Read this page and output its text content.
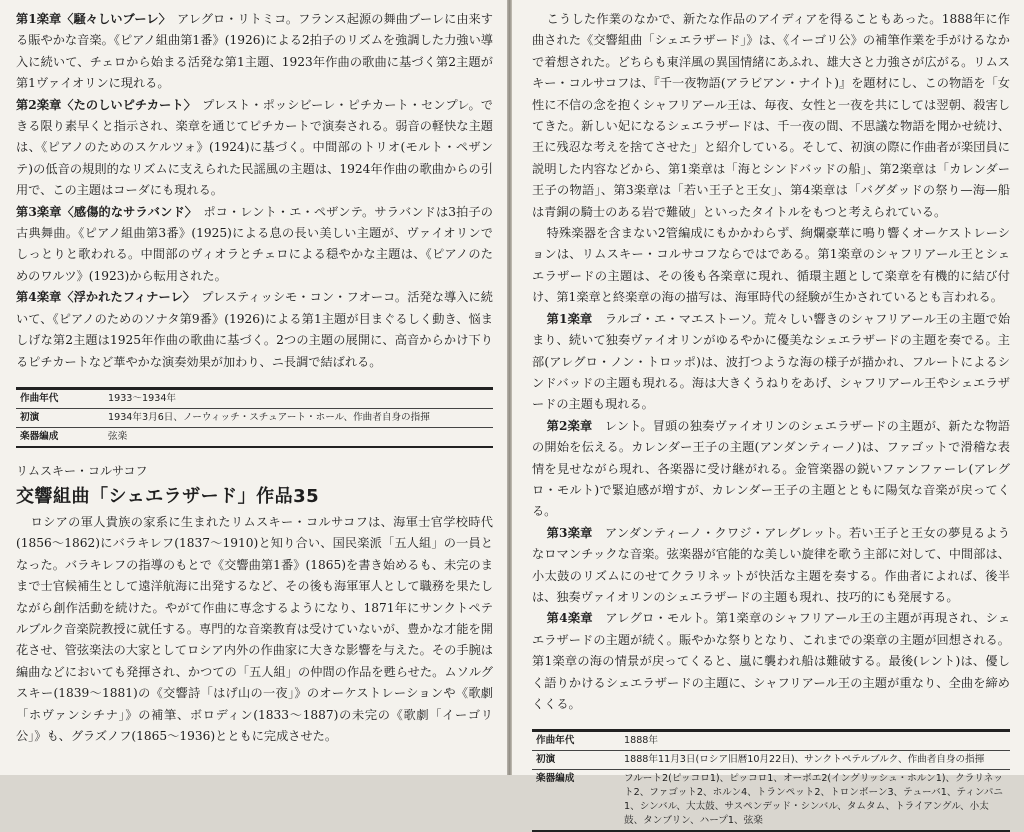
第1楽章〈騒々しいブーレ〉　 アレグロ・リトミコ。フランス起源の舞曲ブーレに由来する賑やかな音楽。《ピアノ組曲第1番》(1926)による2拍子のリズムを強調した力強い導入に続いて、チェロから始まる活発な第1主題、1923年作曲の歌曲に基づく第2主題が第1ヴァイオリンに現れる。

第2楽章〈たのしいピチカート〉　 プレスト・ポッシビーレ・ピチカート・センプレ。できる限り素早くと指示され、楽章を通じてピチカートで演奏される。弱音の軽快な主題は、《ピアノのためのスケルツォ》(1924)に基づく。中間部のトリオ(モルト・ペザンテ)の低音の規則的なリズムに支えられた民謡風の主題は、1924年作曲の歌曲からの引用で、この主題はコーダにも現れる。

第3楽章〈感傷的なサラバンド〉　 ポコ・レント・エ・ペザンテ。サラバンドは3拍子の古典舞曲。《ピアノ組曲第3番》(1925)による息の長い美しい主題が、ヴァイオリンでしっとりと歌われる。中間部のヴィオラとチェロによる穏やかな主題は、《ピアノのためのワルツ》(1923)から転用された。

第4楽章〈浮かれたフィナーレ〉　 プレスティッシモ・コン・フオーコ。活発な導入に続いて、《ピアノのためのソナタ第9番》(1926)による第1主題が目まぐるしく動き、悩ましげな第2主題は1925年作曲の歌曲に基づく。2つの主題の展開に、高音からかけ下りるピチカートなど華やかな演奏効果が加わり、ニ長調で結ばれる。

作曲年代	1933〜1934年
初演	1934年3月6日、ノーウィッチ・スチュアート・ホール、作曲者自身の指揮
楽器編成	弦楽
リムスキー・コルサコフ
交響組曲「シェエラザード」作品35

ロシアの軍人貴族の家系に生まれたリムスキー・コルサコフは、海軍士官学校時代(1856〜1862)にバラキレフ(1837〜1910)と知り合い、国民楽派「五人組」の一員となった。バラキレフの指導のもとで《交響曲第1番》(1865)を書き始めるも、未完のままで士官候補生として遠洋航海に出発するなど、その後も海軍軍人として職務を果たしながら創作活動を続けた。やがて作曲に専念するようになり、1871年にサンクトペテルブルク音楽院教授に就任する。専門的な音楽教育は受けていないが、豊かな才能を開花させ、管弦楽法の大家としてロシア内外の作曲家に大きな影響を与えた。その手腕は編曲などにおいても発揮され、かつての「五人組」の仲間の作品を甦らせた。ムソルグスキー(1839〜1881)の《交響詩「はげ山の一夜」》のオーケストレーションや《歌劇「ホヴァンシチナ」》の補筆、ボロディン(1833〜1887)の未完の《歌劇「イーゴリ公」》も、グラズノフ(1865〜1936)とともに完成させた。

こうした作業のなかで、新たな作品のアイディアを得ることもあった。1888年に作曲された《交響組曲「シェエラザード」》は、《イーゴリ公》の補筆作業を手がけるなかで着想された。どちらも東洋風の異国情緒にあふれ、雄大さと力強さが広がる。リムスキー・コルサコフは、『千一夜物語(アラビアン・ナイト)』を題材にし、この物語を「女性に不信の念を抱くシャフリアール王は、毎夜、女性と一夜を共にしては翌朝、殺害してきた。新しい妃になるシェエラザードは、千一夜の間、不思議な物語を聞かせ続け、王に残忍な考えを捨てさせた」と紹介している。そして、初演の際に作曲者が楽団員に説明した内容などから、第1楽章は「海とシンドバッドの船」、第2楽章は「カレンダー王子の物語」、第3楽章は「若い王子と王女」、第4楽章は「バグダッドの祭り—海—船は青銅の騎士のある岩で難破」といったタイトルをもつと考えられている。

特殊楽器を含まない2管編成にもかかわらず、絢爛豪華に鳴り響くオーケストレーションは、リムスキー・コルサコフならではである。第1楽章のシャフリアール王とシェエラザードの主題は、その後も各楽章に現れ、循環主題として楽章を有機的に結び付け、第1楽章と終楽章の海の描写は、海軍時代の経験が生かされているとも言われる。

第1楽章　 ラルゴ・エ・マエストーソ。荒々しい響きのシャフリアール王の主題で始まり、続いて独奏ヴァイオリンがゆるやかに優美なシェエラザードの主題を奏でる。主部(アレグロ・ノン・トロッポ)は、波打つような海の様子が描かれ、フルートによるシンドバッドの主題も現れる。海は大きくうねりをあげ、シャフリアール王やシェエラザードの主題も現れる。

第2楽章　 レント。冒頭の独奏ヴァイオリンのシェエラザードの主題が、新たな物語の開始を伝える。カレンダー王子の主題(アンダンティーノ)は、ファゴットで滑稽な表情を見せながら現れ、各楽器に受け継がれる。金管楽器の鋭いファンファーレ(アレグロ・モルト)で緊迫感が増すが、カレンダー王子の主題とともに陽気な音楽が戻ってくる。

第3楽章　 アンダンティーノ・クワジ・アレグレット。若い王子と王女の夢見るようなロマンチックな音楽。弦楽器が官能的な美しい旋律を歌う主部に対して、中間部は、小太鼓のリズムにのせてクラリネットが快活な主題を奏する。作曲者によれば、後半は、独奏ヴァイオリンのシェエラザードの主題も現れ、技巧的にも発展する。

第4楽章　 アレグロ・モルト。第1楽章のシャフリアール王の主題が再現され、シェエラザードの主題が続く。賑やかな祭りとなり、これまでの楽章の主題が回想される。第1楽章の海の情景が戻ってくると、嵐に襲われ船は難破する。最後(レント)は、優しく語りかけるシェエラザードの主題に、シャフリアール王の主題が重なり、全曲を締めくくる。

作曲年代	1888年
初演	1888年11月3日(ロシア旧暦10月22日)、サンクトペテルブルク、作曲者自身の指揮
楽器編成	フルート2(ピッコロ1)、ピッコロ1、オーボエ2(イングリッシュ・ホルン1)、クラリネット2、ファゴット2、ホルン4、トランペット2、トロンボーン3、テューバ1、ティンパニ1、シンバル、大太鼓、サスペンデッド・シンバル、タムタム、トライアングル、小太鼓、タンブリン、ハープ1、弦楽
